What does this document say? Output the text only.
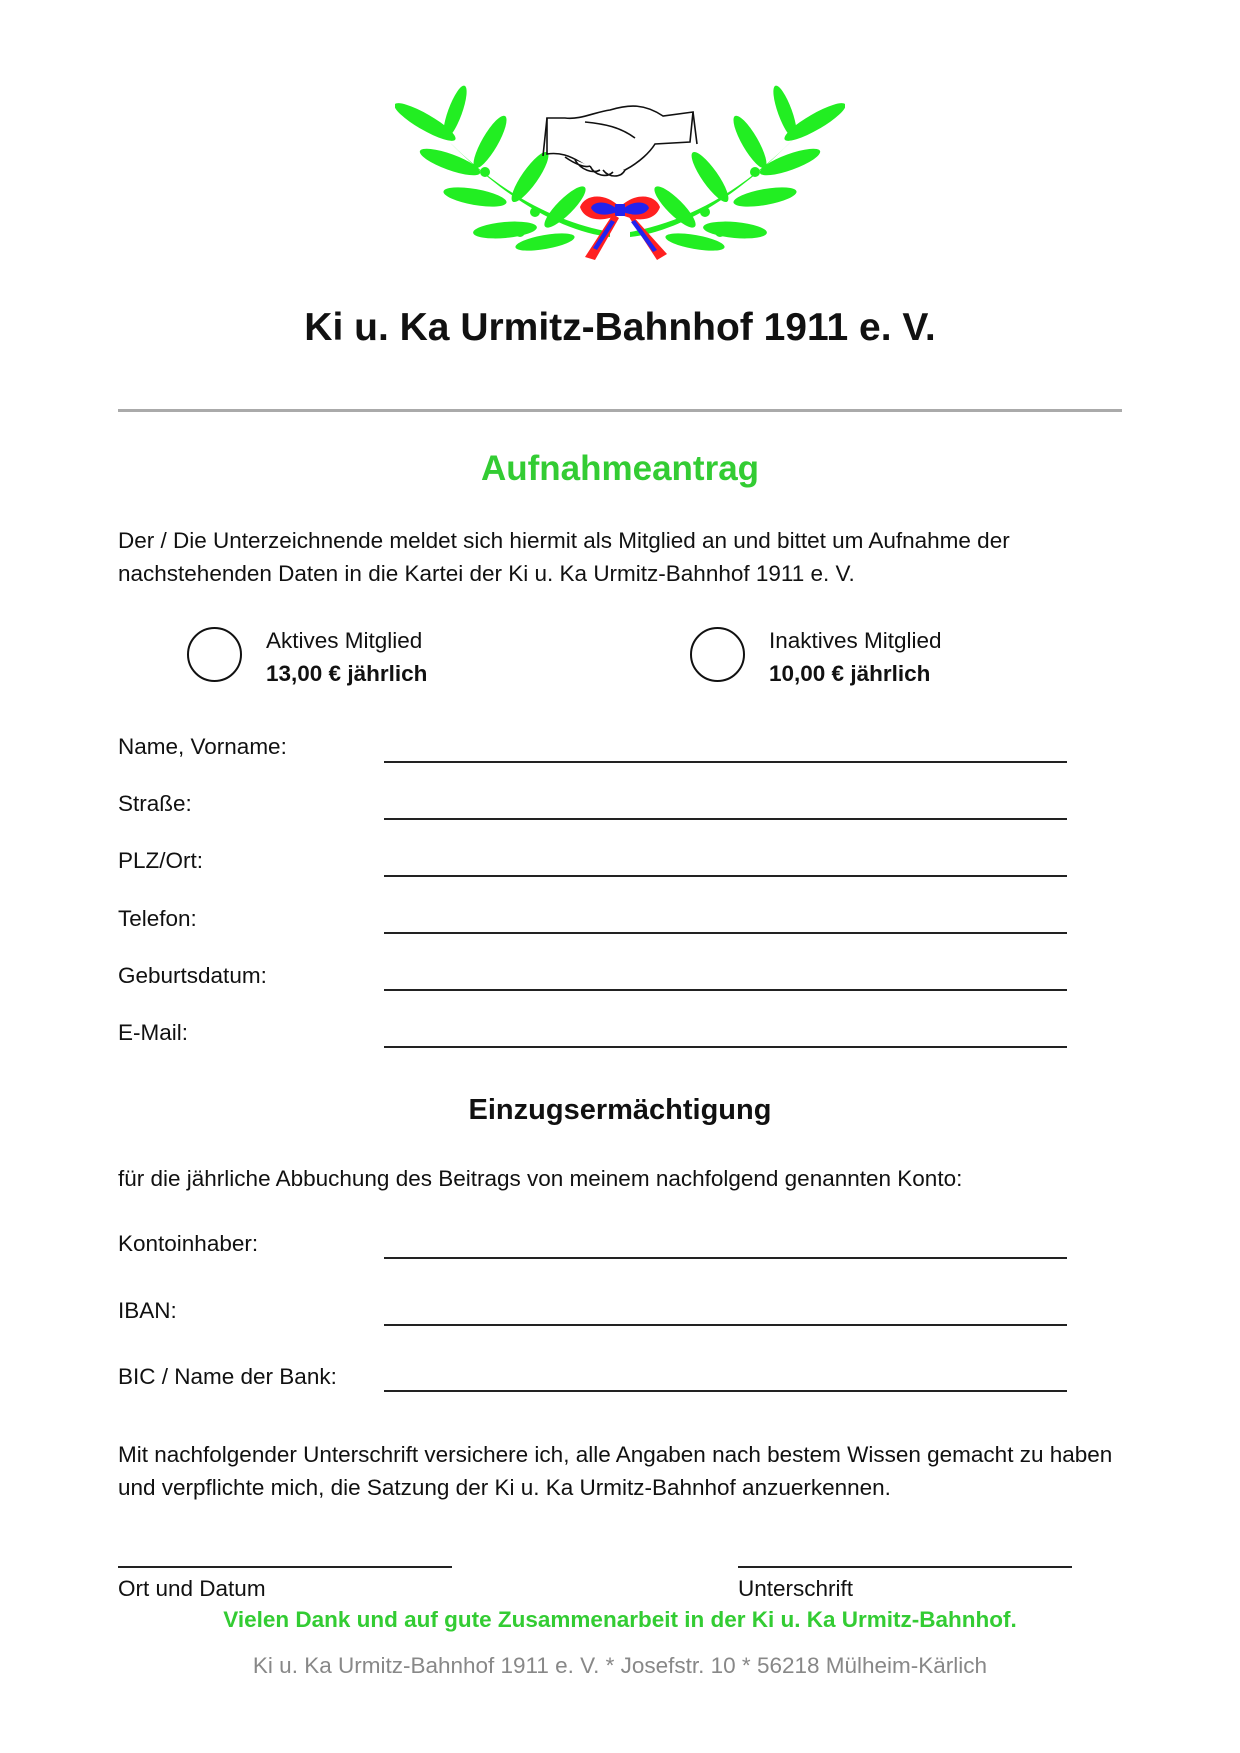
Ki u. Ka Urmitz-Bahnhof 1911 e. V.
Aufnahmeantrag
Der / Die Unterzeichnende meldet sich hiermit als Mitglied an und bittet um Aufnahme der nachstehenden Daten in die Kartei der Ki u. Ka Urmitz-Bahnhof 1911 e. V.
Aktives Mitglied
13,00 € jährlich
Inaktives Mitglied
10,00 € jährlich
Name, Vorname:
Straße:
PLZ/Ort:
Telefon:
Geburtsdatum:
E-Mail:
Einzugsermächtigung
für die jährliche Abbuchung des Beitrags von meinem nachfolgend genannten Konto:
Kontoinhaber:
IBAN:
BIC / Name der Bank:
Mit nachfolgender Unterschrift versichere ich, alle Angaben nach bestem Wissen gemacht zu haben und verpflichte mich, die Satzung der Ki u. Ka Urmitz-Bahnhof anzuerkennen.
Ort und Datum	Unterschrift
Vielen Dank und auf gute Zusammenarbeit in der Ki u. Ka Urmitz-Bahnhof.
Ki u. Ka Urmitz-Bahnhof 1911 e. V. * Josefstr. 10 * 56218 Mülheim-Kärlich
